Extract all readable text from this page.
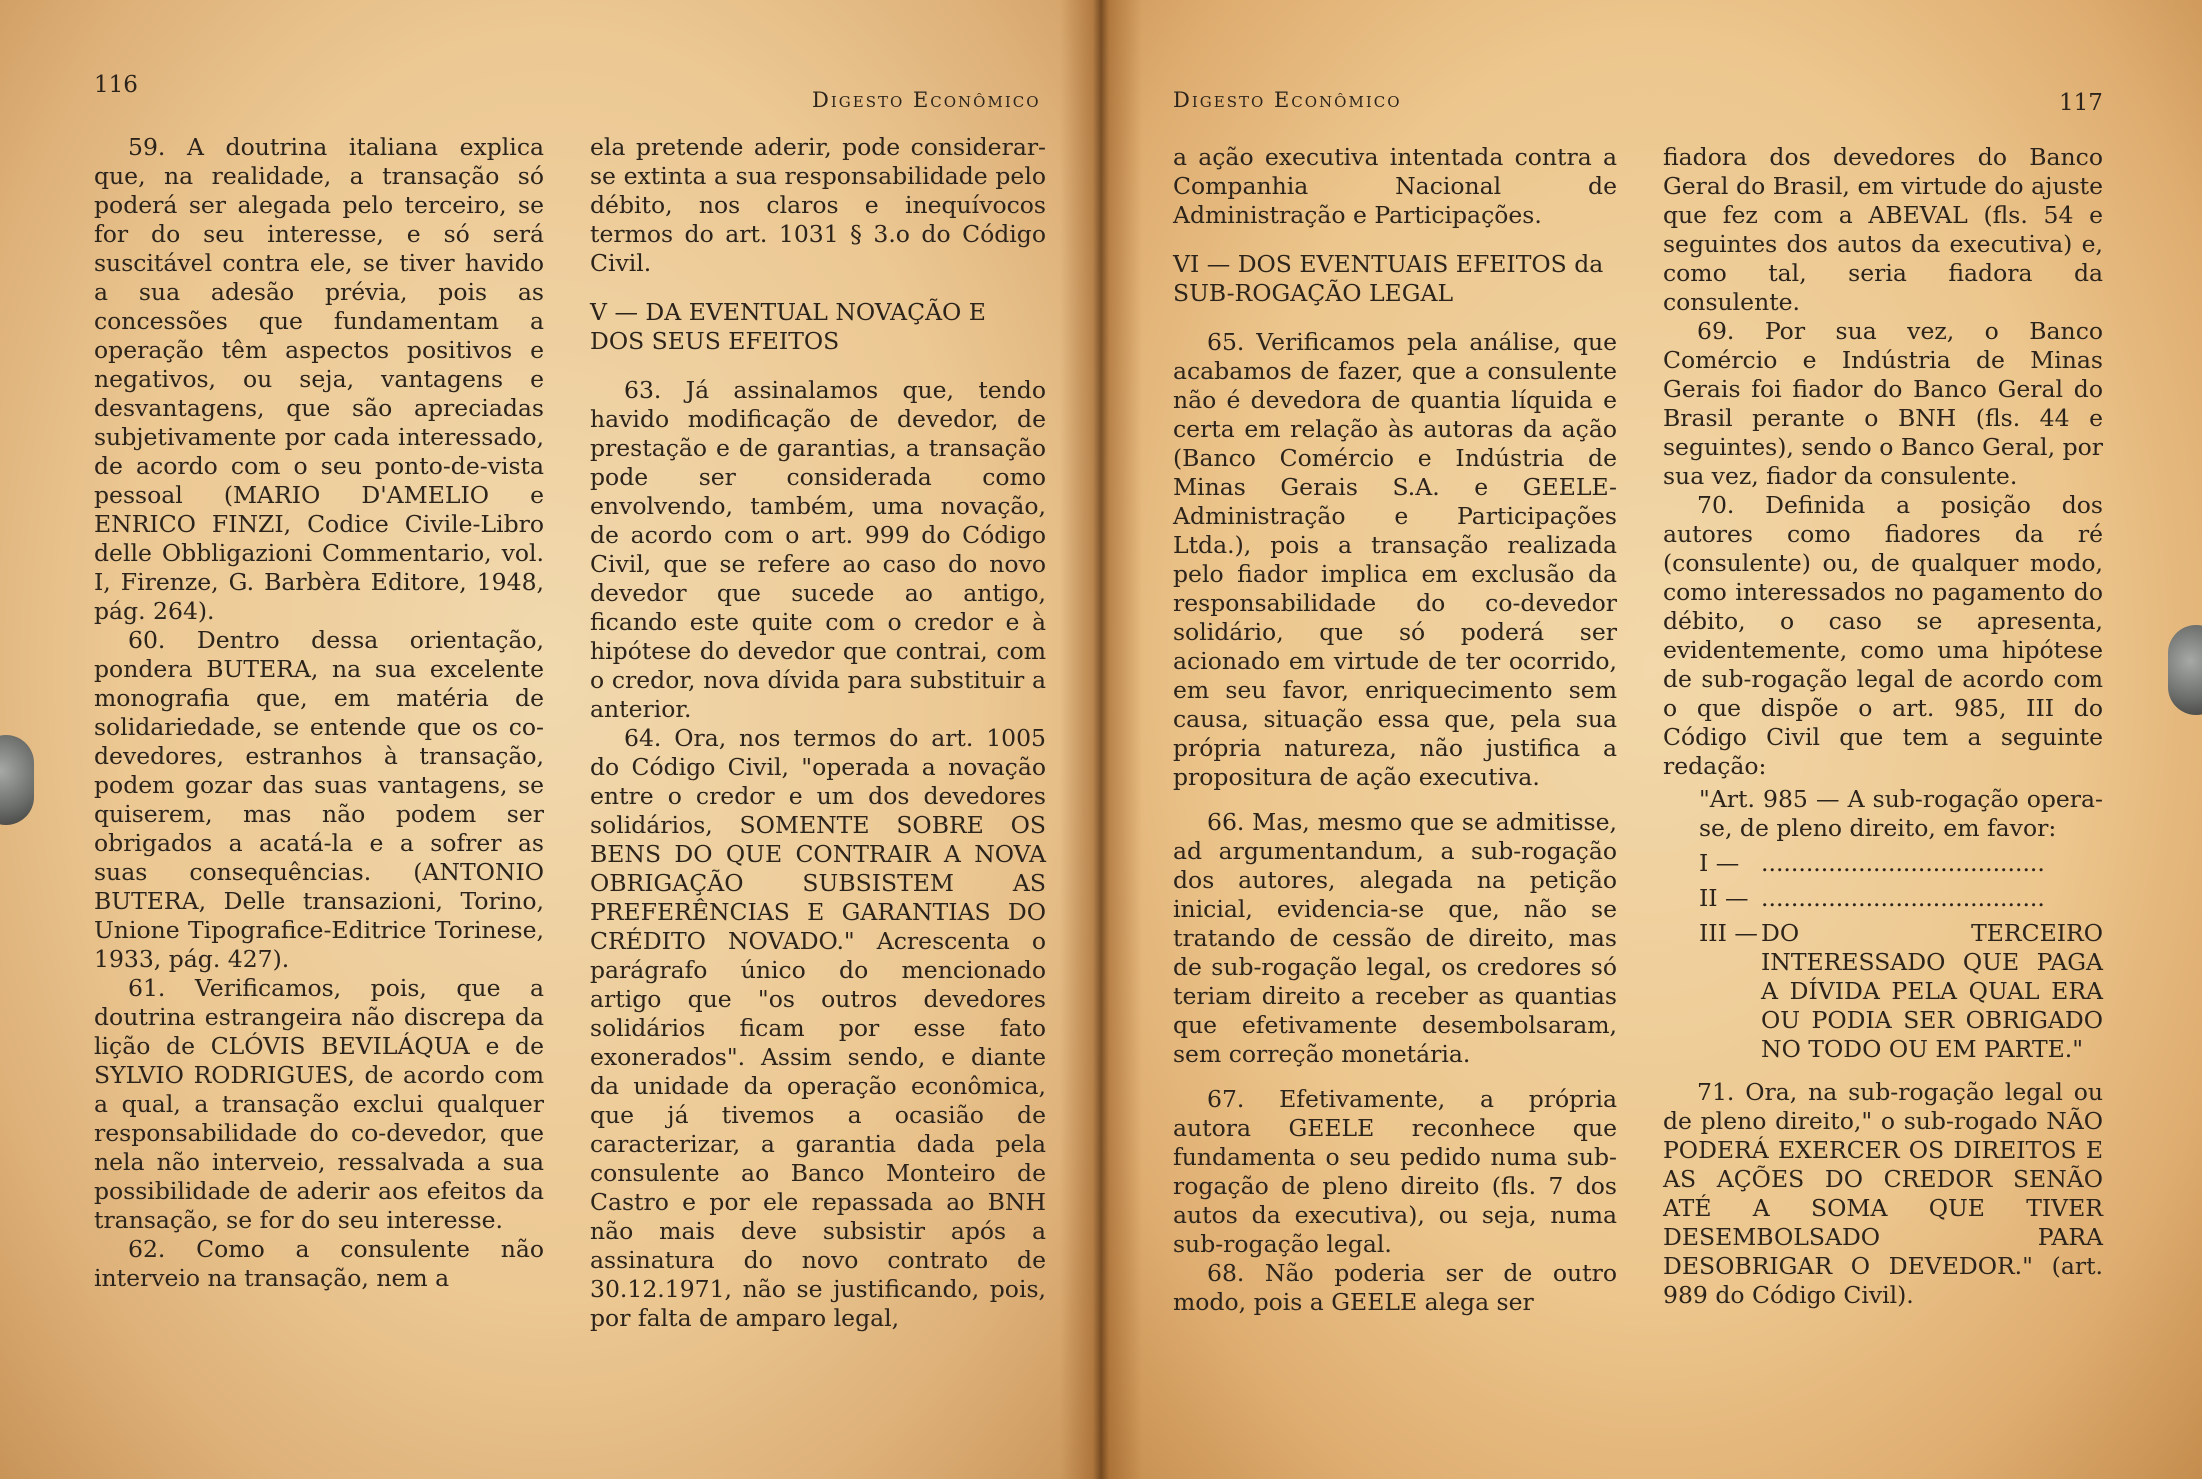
116
Digesto Econômico

59. A doutrina italiana explica que, na realidade, a transação só poderá ser alegada pelo terceiro, se for do seu interesse, e só será suscitável contra ele, se tiver havido a sua adesão prévia, pois as concessões que fundamentam a operação têm aspectos positivos e negativos, ou seja, vantagens e desvantagens, que são apreciadas subjetivamente por cada interessado, de acordo com o seu ponto-de-vista pessoal (MARIO D'AMELIO e ENRICO FINZI, Codice Civile-Libro delle Obbligazioni Commentario, vol. I, Firenze, G. Barbèra Editore, 1948, pág. 264).

60. Dentro dessa orientação, pondera BUTERA, na sua excelente monografia que, em matéria de solidariedade, se entende que os co-devedores, estranhos à transação, podem gozar das suas vantagens, se quiserem, mas não podem ser obrigados a acatá-la e a sofrer as suas consequências. (ANTONIO BUTERA, Delle transazioni, Torino, Unione Tipografice-Editrice Torinese, 1933, pág. 427).

61. Verificamos, pois, que a doutrina estrangeira não discrepa da lição de CLÓVIS BEVILÁQUA e de SYLVIO RODRIGUES, de acordo com a qual, a transação exclui qualquer responsabilidade do co-devedor, que nela não interveio, ressalvada a sua possibilidade de aderir aos efeitos da transação, se for do seu interesse.

62. Como a consulente não interveio na transação, nem a

ela pretende aderir, pode considerar-se extinta a sua responsabilidade pelo débito, nos claros e inequívocos termos do art. 1031 § 3.o do Código Civil.

V — DA EVENTUAL NOVAÇÃO E DOS SEUS EFEITOS

63. Já assinalamos que, tendo havido modificação de devedor, de prestação e de garantias, a transação pode ser considerada como envolvendo, também, uma novação, de acordo com o art. 999 do Código Civil, que se refere ao caso do novo devedor que sucede ao antigo, ficando este quite com o credor e à hipótese do devedor que contrai, com o credor, nova dívida para substituir a anterior.

64. Ora, nos termos do art. 1005 do Código Civil, "operada a novação entre o credor e um dos devedores solidários, SOMENTE SOBRE OS BENS DO QUE CONTRAIR A NOVA OBRIGAÇÃO SUBSISTEM AS PREFERÊNCIAS E GARANTIAS DO CRÉDITO NOVADO." Acrescenta o parágrafo único do mencionado artigo que "os outros devedores solidários ficam por esse fato exonerados". Assim sendo, e diante da unidade da operação econômica, que já tivemos a ocasião de caracterizar, a garantia dada pela consulente ao Banco Monteiro de Castro e por ele repassada ao BNH não mais deve subsistir após a assinatura do novo contrato de 30.12.1971, não se justificando, pois, por falta de amparo legal,

Digesto Econômico	117

a ação executiva intentada contra a Companhia Nacional de Administração e Participações.

VI — DOS EVENTUAIS EFEITOS da SUB-ROGAÇÃO LEGAL

65. Verificamos pela análise, que acabamos de fazer, que a consulente não é devedora de quantia líquida e certa em relação às autoras da ação (Banco Comércio e Indústria de Minas Gerais S.A. e GEELE-Administração e Participações Ltda.), pois a transação realizada pelo fiador implica em exclusão da responsabilidade do co-devedor solidário, que só poderá ser acionado em virtude de ter ocorrido, em seu favor, enriquecimento sem causa, situação essa que, pela sua própria natureza, não justifica a propositura de ação executiva.

66. Mas, mesmo que se admitisse, ad argumentandum, a sub-rogação dos autores, alegada na petição inicial, evidencia-se que, não se tratando de cessão de direito, mas de sub-rogação legal, os credores só teriam direito a receber as quantias que efetivamente desembolsaram, sem correção monetária.

67. Efetivamente, a própria autora GEELE reconhece que fundamenta o seu pedido numa sub-rogação de pleno direito (fls. 7 dos autos da executiva), ou seja, numa sub-rogação legal.

68. Não poderia ser de outro modo, pois a GEELE alega ser

fiadora dos devedores do Banco Geral do Brasil, em virtude do ajuste que fez com a ABEVAL (fls. 54 e seguintes dos autos da executiva) e, como tal, seria fiadora da consulente.

69. Por sua vez, o Banco Comércio e Indústria de Minas Gerais foi fiador do Banco Geral do Brasil perante o BNH (fls. 44 e seguintes), sendo o Banco Geral, por sua vez, fiador da consulente.

70. Definida a posição dos autores como fiadores da ré (consulente) ou, de qualquer modo, como interessados no pagamento do débito, o caso se apresenta, evidentemente, como uma hipótese de sub-rogação legal de acordo com o que dispõe o art. 985, III do Código Civil que tem a seguinte redação:

"Art. 985 — A sub-rogação opera-se, de pleno direito, em favor:

I — ......................................
II — ......................................
III — DO TERCEIRO INTERESSADO QUE PAGA A DÍVIDA PELA QUAL ERA OU PODIA SER OBRIGADO NO TODO OU EM PARTE."

71. Ora, na sub-rogação legal ou de pleno direito," o sub-rogado NÃO PODERÁ EXERCER OS DIREITOS E AS AÇÕES DO CREDOR SENÃO ATÉ A SOMA QUE TIVER DESEMBOLSADO PARA DESOBRIGAR O DEVEDOR." (art. 989 do Código Civil).
